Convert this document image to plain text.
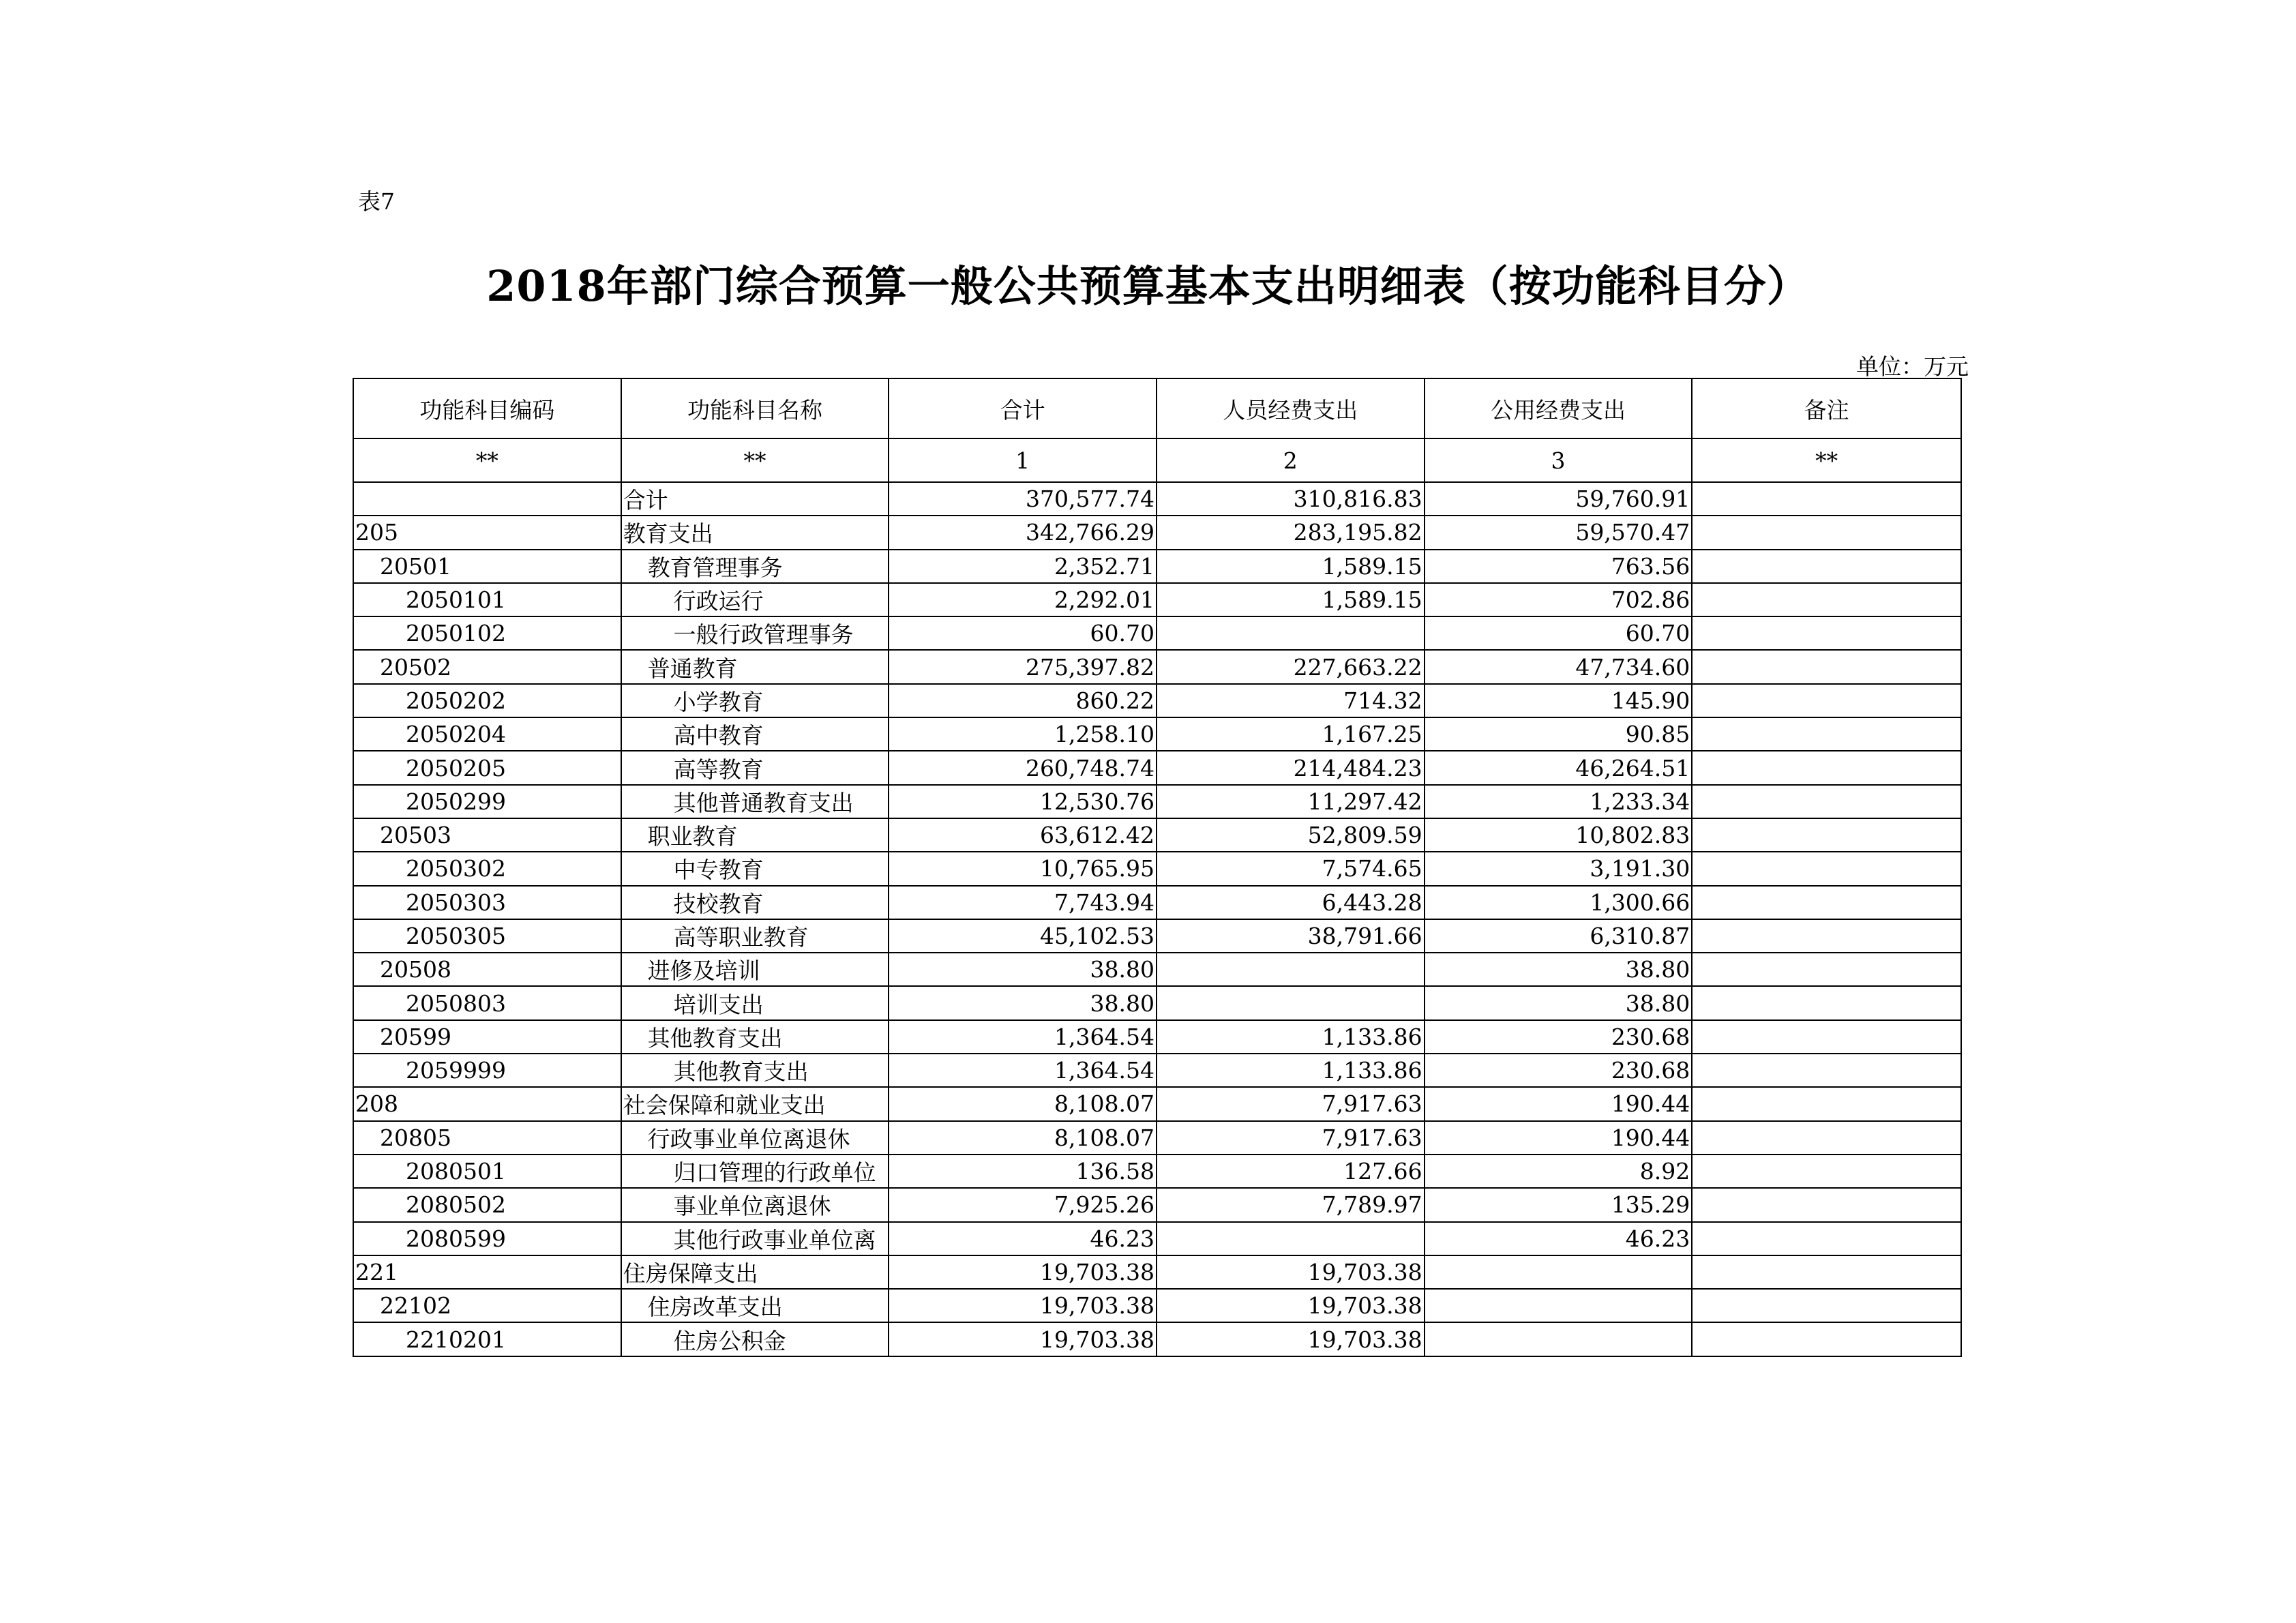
表7
2018年部门综合预算一般公共预算基本支出明细表（按功能科目分）
单位：万元
功能科目编码	功能科目名称	合计	人员经费支出	公用经费支出	备注
**	**	1	2	3	**
	合计	370,577.74	310,816.83	59,760.91	
205	教育支出	342,766.29	283,195.82	59,570.47	
20501	教育管理事务	2,352.71	1,589.15	763.56	
2050101	行政运行	2,292.01	1,589.15	702.86	
2050102	一般行政管理事务	60.70		60.70	
20502	普通教育	275,397.82	227,663.22	47,734.60	
2050202	小学教育	860.22	714.32	145.90	
2050204	高中教育	1,258.10	1,167.25	90.85	
2050205	高等教育	260,748.74	214,484.23	46,264.51	
2050299	其他普通教育支出	12,530.76	11,297.42	1,233.34	
20503	职业教育	63,612.42	52,809.59	10,802.83	
2050302	中专教育	10,765.95	7,574.65	3,191.30	
2050303	技校教育	7,743.94	6,443.28	1,300.66	
2050305	高等职业教育	45,102.53	38,791.66	6,310.87	
20508	进修及培训	38.80		38.80	
2050803	培训支出	38.80		38.80	
20599	其他教育支出	1,364.54	1,133.86	230.68	
2059999	其他教育支出	1,364.54	1,133.86	230.68	
208	社会保障和就业支出	8,108.07	7,917.63	190.44	
20805	行政事业单位离退休	8,108.07	7,917.63	190.44	
2080501	归口管理的行政单位	136.58	127.66	8.92	
2080502	事业单位离退休	7,925.26	7,789.97	135.29	
2080599	其他行政事业单位离	46.23		46.23	
221	住房保障支出	19,703.38	19,703.38		
22102	住房改革支出	19,703.38	19,703.38		
2210201	住房公积金	19,703.38	19,703.38		
